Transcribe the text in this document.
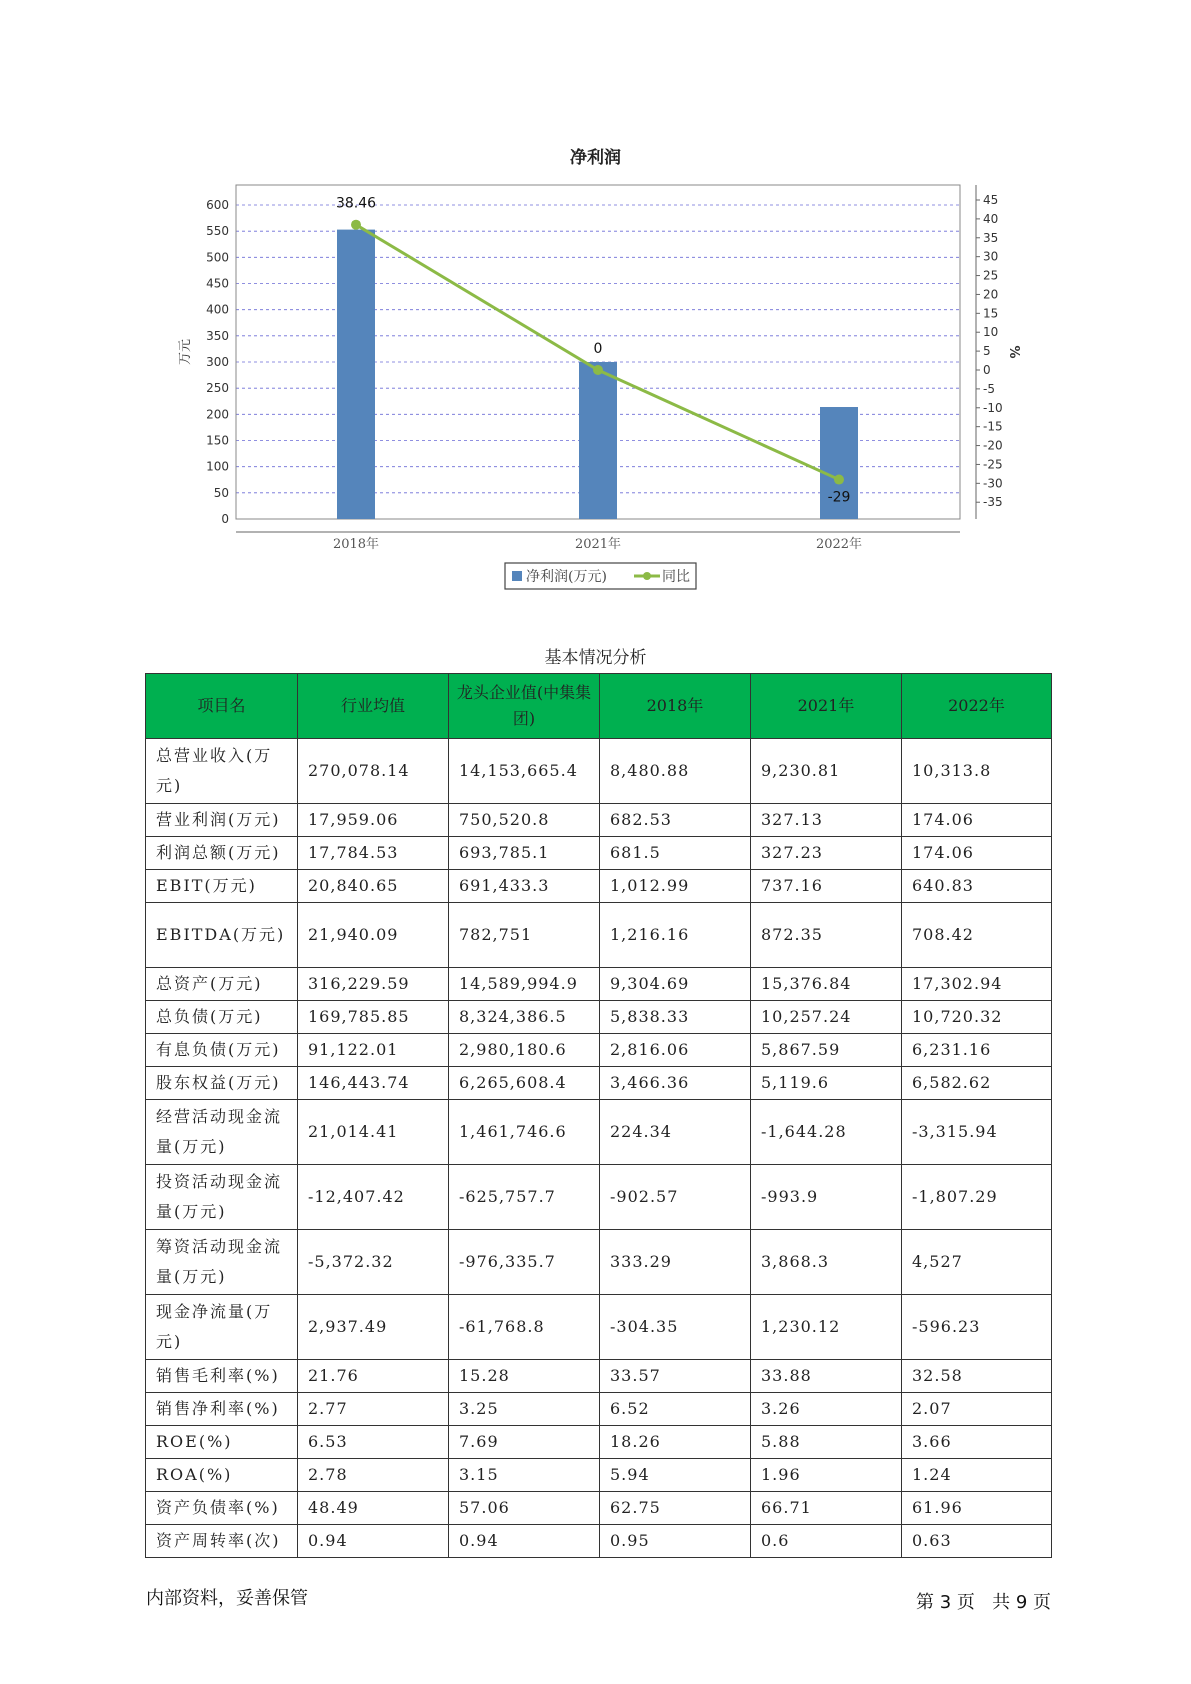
净利润
0
50
100
150
200
250
300
350
400
450
500
550
600
-35
-30
-25
-20
-15
-10
-5
0
5
10
15
20
25
30
35
40
45
万元	%
2018年	2021年	2022年
38.46
0
-29
净利润(万元)	同比
基本情况分析
项目名	行业均值	龙头企业值(中集集团)	2018年	2021年	2022年
总营业收入(万元)	270,078.14	14,153,665.4	8,480.88	9,230.81	10,313.8
营业利润(万元)	17,959.06	750,520.8	682.53	327.13	174.06
利润总额(万元)	17,784.53	693,785.1	681.5	327.23	174.06
EBIT(万元)	20,840.65	691,433.3	1,012.99	737.16	640.83
EBITDA(万元)	21,940.09	782,751	1,216.16	872.35	708.42
总资产(万元)	316,229.59	14,589,994.9	9,304.69	15,376.84	17,302.94
总负债(万元)	169,785.85	8,324,386.5	5,838.33	10,257.24	10,720.32
有息负债(万元)	91,122.01	2,980,180.6	2,816.06	5,867.59	6,231.16
股东权益(万元)	146,443.74	6,265,608.4	3,466.36	5,119.6	6,582.62
经营活动现金流量(万元)	21,014.41	1,461,746.6	224.34	-1,644.28	-3,315.94
投资活动现金流量(万元)	-12,407.42	-625,757.7	-902.57	-993.9	-1,807.29
筹资活动现金流量(万元)	-5,372.32	-976,335.7	333.29	3,868.3	4,527
现金净流量(万元)	2,937.49	-61,768.8	-304.35	1,230.12	-596.23
销售毛利率(%)	21.76	15.28	33.57	33.88	32.58
销售净利率(%)	2.77	3.25	6.52	3.26	2.07
ROE(%)	6.53	7.69	18.26	5.88	3.66
ROA(%)	2.78	3.15	5.94	1.96	1.24
资产负债率(%)	48.49	57.06	62.75	66.71	61.96
资产周转率(次)	0.94	0.94	0.95	0.6	0.63
内部资料，妥善保管	第 3 页   共 9 页
